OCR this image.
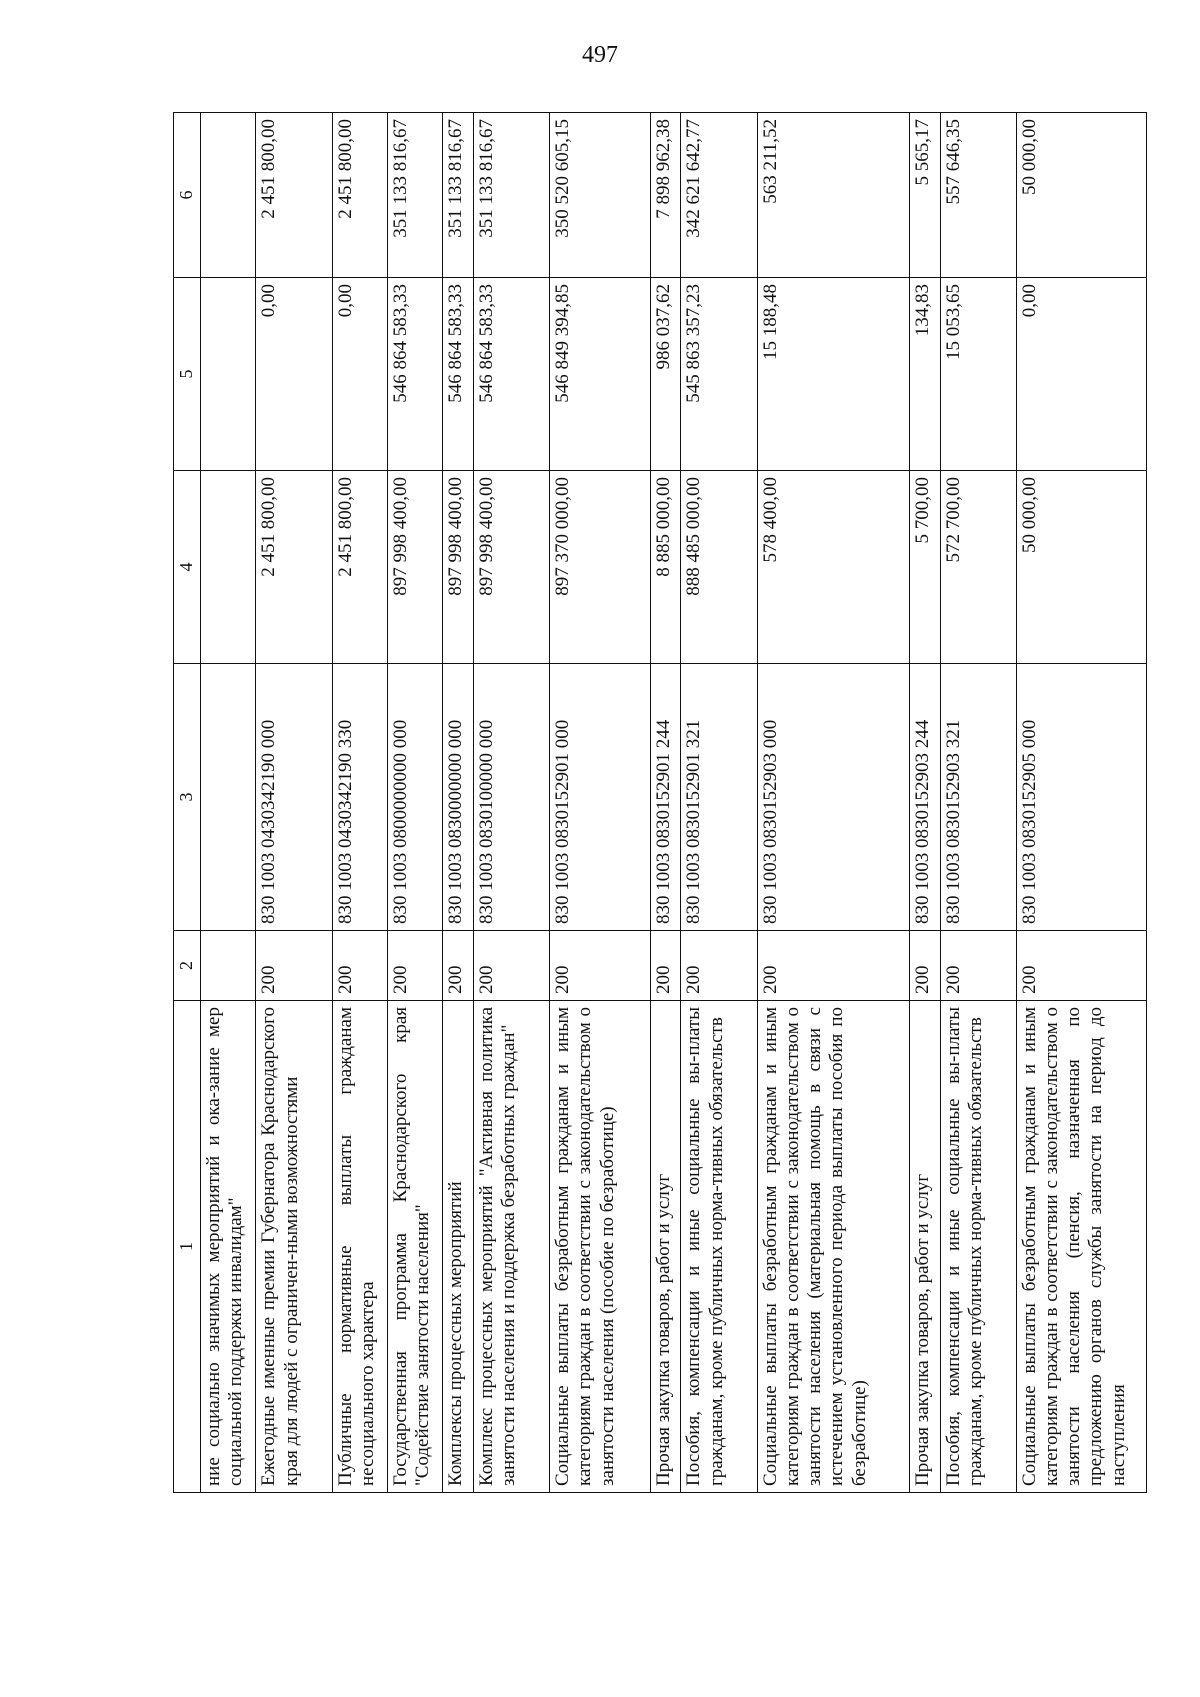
497
1	2	3	4	5	6
ние социально значимых мероприятий и ока-зание мер социальной поддержки инвалидам"					
Ежегодные именные премии Губернатора Краснодарского края для людей с ограничен-ными возможностями	200	830 1003 0430342190 000	2 451 800,00	0,00	2 451 800,00
Публичные нормативные выплаты гражданам несоциального характера	200	830 1003 0430342190 330	2 451 800,00	0,00	2 451 800,00
Государственная программа Краснодарского края "Содействие занятости населения"	200	830 1003 0800000000 000	897 998 400,00	546 864 583,33	351 133 816,67
Комплексы процессных мероприятий	200	830 1003 0830000000 000	897 998 400,00	546 864 583,33	351 133 816,67
Комплекс процессных мероприятий "Активная политика занятости населения и поддержка безработных граждан"	200	830 1003 0830100000 000	897 998 400,00	546 864 583,33	351 133 816,67
Социальные выплаты безработным гражданам и иным категориям граждан в соответствии с законодательством о занятости населения (пособие по безработице)	200	830 1003 0830152901 000	897 370 000,00	546 849 394,85	350 520 605,15
Прочая закупка товаров, работ и услуг	200	830 1003 0830152901 244	8 885 000,00	986 037,62	7 898 962,38
Пособия, компенсации и иные социальные вы-платы гражданам, кроме публичных норма-тивных обязательств	200	830 1003 0830152901 321	888 485 000,00	545 863 357,23	342 621 642,77
Социальные выплаты безработным гражданам и иным категориям граждан в соответствии с законодательством о занятости населения (материальная помощь в связи с истечением установленного периода выплаты пособия по безработице)	200	830 1003 0830152903 000	578 400,00	15 188,48	563 211,52
Прочая закупка товаров, работ и услуг	200	830 1003 0830152903 244	5 700,00	134,83	5 565,17
Пособия, компенсации и иные социальные вы-платы гражданам, кроме публичных норма-тивных обязательств	200	830 1003 0830152903 321	572 700,00	15 053,65	557 646,35
Социальные выплаты безработным гражданам и иным категориям граждан в соответствии с законодательством о занятости населения (пенсия, назначенная по предложению органов службы занятости на период до наступления	200	830 1003 0830152905 000	50 000,00	0,00	50 000,00
